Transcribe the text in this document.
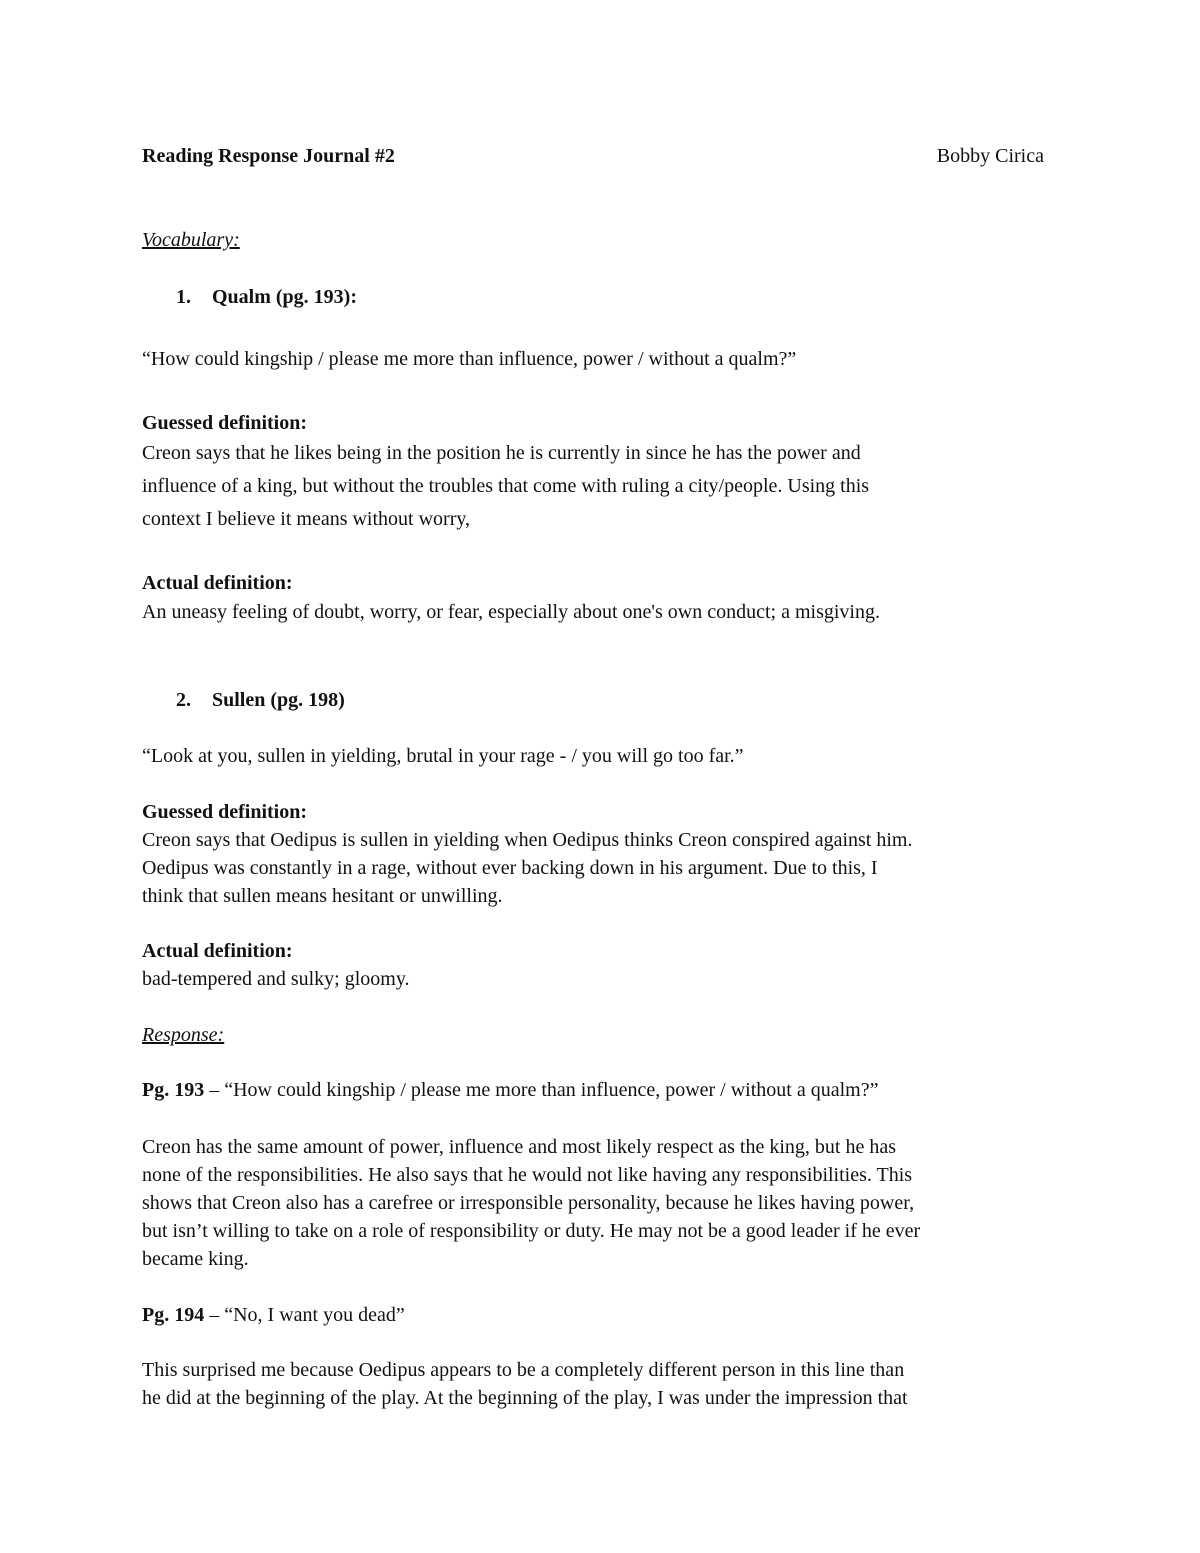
Reading Response Journal #2	Bobby Cirica
Vocabulary:
1. Qualm (pg. 193):
“How could kingship / please me more than influence, power / without a qualm?”
Guessed definition:
Creon says that he likes being in the position he is currently in since he has the power and
influence of a king, but without the troubles that come with ruling a city/people. Using this
context I believe it means without worry,
Actual definition:
An uneasy feeling of doubt, worry, or fear, especially about one's own conduct; a misgiving.
2. Sullen (pg. 198)
“Look at you, sullen in yielding, brutal in your rage - / you will go too far.”
Guessed definition:
Creon says that Oedipus is sullen in yielding when Oedipus thinks Creon conspired against him.
Oedipus was constantly in a rage, without ever backing down in his argument. Due to this, I
think that sullen means hesitant or unwilling.
Actual definition:
bad-tempered and sulky; gloomy.
Response:
Pg. 193 – “How could kingship / please me more than influence, power / without a qualm?”
Creon has the same amount of power, influence and most likely respect as the king, but he has
none of the responsibilities. He also says that he would not like having any responsibilities. This
shows that Creon also has a carefree or irresponsible personality, because he likes having power,
but isn’t willing to take on a role of responsibility or duty. He may not be a good leader if he ever
became king.
Pg. 194 – “No, I want you dead”
This surprised me because Oedipus appears to be a completely different person in this line than
he did at the beginning of the play. At the beginning of the play, I was under the impression that
